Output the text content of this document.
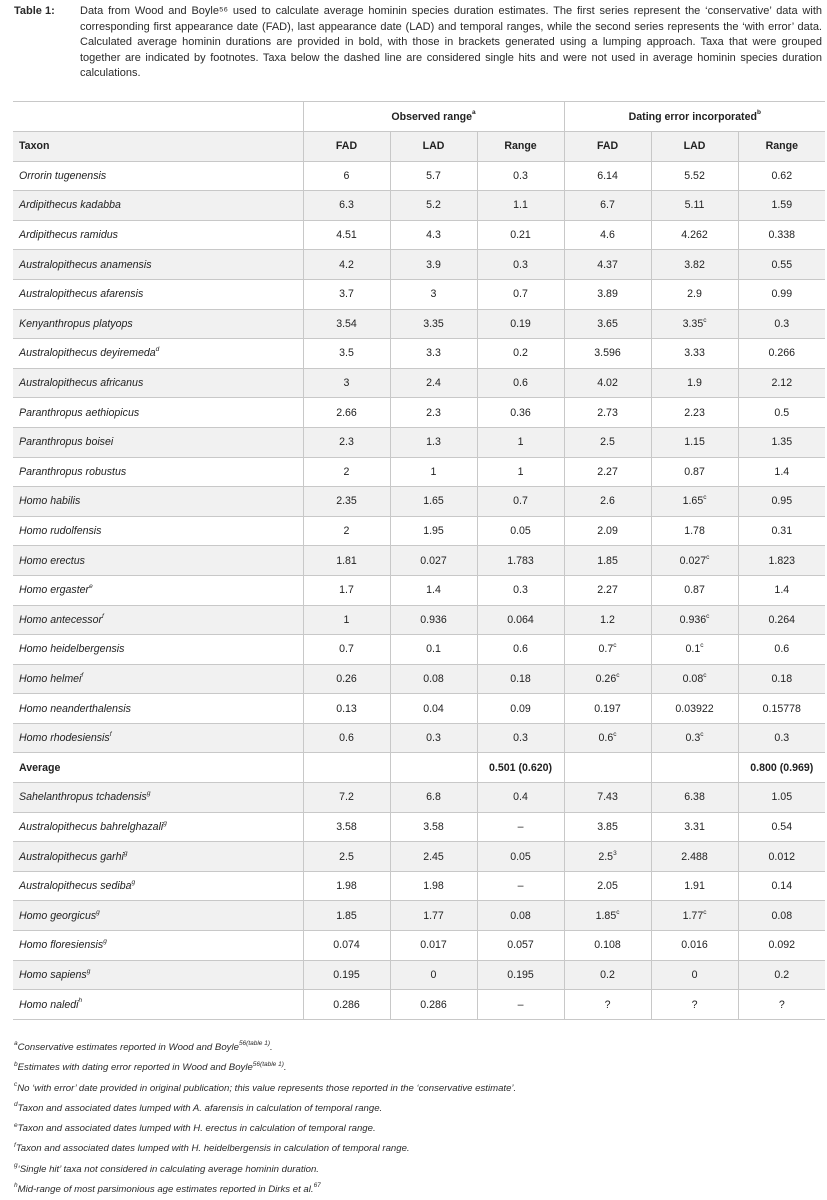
Table 1:	Data from Wood and Boyle⁵⁶ used to calculate average hominin species duration estimates. The first series represent the ‘conservative’ data with corresponding first appearance date (FAD), last appearance date (LAD) and temporal ranges, while the second series represents the ‘with error’ data. Calculated average hominin durations are provided in bold, with those in brackets generated using a lumping approach. Taxa that were grouped together are indicated by footnotes. Taxa below the dashed line are considered single hits and were not used in average hominin species duration calculations.
	Observed range$^a$			Dating error incorporated$^b$
Taxon	FAD	LAD	Range	FAD	LAD	Range
Orrorin tugenensis	6	5.7	0.3	6.14	5.52	0.62
Ardipithecus kadabba	6.3	5.2	1.1	6.7	5.11	1.59
Ardipithecus ramidus	4.51	4.3	0.21	4.6	4.262	0.338
Australopithecus anamensis	4.2	3.9	0.3	4.37	3.82	0.55
Australopithecus afarensis	3.7	3	0.7	3.89	2.9	0.99
Kenyanthropus platyops	3.54	3.35	0.19	3.65	3.35$^c$	0.3
Australopithecus deyiremeda$^d$	3.5	3.3	0.2	3.596	3.33	0.266
Australopithecus africanus	3	2.4	0.6	4.02	1.9	2.12
Paranthropus aethiopicus	2.66	2.3	0.36	2.73	2.23	0.5
Paranthropus boisei	2.3	1.3	1	2.5	1.15	1.35
Paranthropus robustus	2	1	1	2.27	0.87	1.4
Homo habilis	2.35	1.65	0.7	2.6	1.65$^c$	0.95
Homo rudolfensis	2	1.95	0.05	2.09	1.78	0.31
Homo erectus	1.81	0.027	1.783	1.85	0.027$^c$	1.823
Homo ergaster$^e$	1.7	1.4	0.3	2.27	0.87	1.4
Homo antecessor$^f$	1	0.936	0.064	1.2	0.936$^c$	0.264
Homo heidelbergensis	0.7	0.1	0.6	0.7$^c$	0.1$^c$	0.6
Homo helmei$^f$	0.26	0.08	0.18	0.26$^c$	0.08$^c$	0.18
Homo neanderthalensis	0.13	0.04	0.09	0.197	0.03922	0.15778
Homo rhodesiensis$^f$	0.6	0.3	0.3	0.6$^c$	0.3$^c$	0.3
Average			0.501 (0.620)			0.800 (0.969)
Sahelanthropus tchadensis$^g$	7.2	6.8	0.4	7.43	6.38	1.05
Australopithecus bahrelghazali$^g$	3.58	3.58	–	3.85	3.31	0.54
Australopithecus garhi$^g$	2.5	2.45	0.05	$2.5^3$	2.488	0.012
Australopithecus sediba$^g$	1.98	1.98	–	2.05	1.91	0.14
Homo georgicus$^g$	1.85	1.77	0.08	1.85$^c$	1.77$^c$	0.08
Homo floresiensis$^g$	0.074	0.017	0.057	0.108	0.016	0.092
Homo sapiens$^g$	0.195	0	0.195	0.2	0	0.2
Homo naledi$^h$	0.286	0.286	–	?	?	?
$^a$Conservative estimates reported in Wood and Boyle$^{56(table 1)}$.
$^b$Estimates with dating error reported in Wood and Boyle$^{56(table 1)}$.
$^c$No ‘with error’ date provided in original publication; this value represents those reported in the ‘conservative estimate’.
$^d$Taxon and associated dates lumped with A. afarensis in calculation of temporal range.
$^e$Taxon and associated dates lumped with H. erectus in calculation of temporal range.
$^f$Taxon and associated dates lumped with H. heidelbergensis in calculation of temporal range.
$^g$‘Single hit’ taxa not considered in calculating average hominin duration.
$^h$Mid-range of most parsimonious age estimates reported in Dirks et al.$^{67}$
